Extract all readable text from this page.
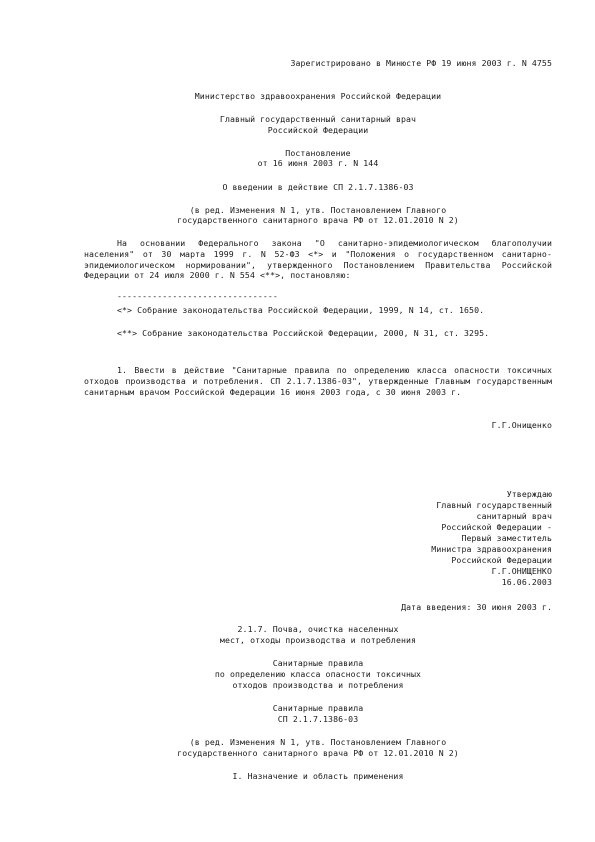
Зарегистрировано в Минюсте РФ 19 июня 2003 г. N 4755
Министерство здравоохранения Российской Федерации
Главный государственный санитарный врач
Российской Федерации
Постановление
от 16 июня 2003 г. N 144
О введении в действие СП 2.1.7.1386-03
(в ред. Изменения N 1, утв. Постановлением Главного
государственного санитарного врача РФ от 12.01.2010 N 2)
На основании Федерального закона "О санитарно-эпидемиологическом благополучии населения" от 30 марта 1999 г. N 52-ФЗ <*> и "Положения о государственном санитарно-эпидемиологическом нормировании", утвержденного Постановлением Правительства Российской Федерации от 24 июля 2000 г. N 554 <**>, постановляю:
--------------------------------
<*> Собрание законодательства Российской Федерации, 1999, N 14, ст. 1650.
<**> Собрание законодательства Российской Федерации, 2000, N 31, ст. 3295.
1. Ввести в действие "Санитарные правила по определению класса опасности токсичных отходов производства и потребления. СП 2.1.7.1386-03", утвержденные Главным государственным санитарным врачом Российской Федерации 16 июня 2003 года, с 30 июня 2003 г.
Г.Г.Онищенко
Утверждаю
Главный государственный
санитарный врач
Российской Федерации -
Первый заместитель
Министра здравоохранения
Российской Федерации
Г.Г.ОНИЩЕНКО
16.06.2003
Дата введения: 30 июня 2003 г.
2.1.7. Почва, очистка населенных
мест, отходы производства и потребления
Санитарные правила
по определению класса опасности токсичных
отходов производства и потребления
Санитарные правила
СП 2.1.7.1386-03
(в ред. Изменения N 1, утв. Постановлением Главного
государственного санитарного врача РФ от 12.01.2010 N 2)
I. Назначение и область применения
